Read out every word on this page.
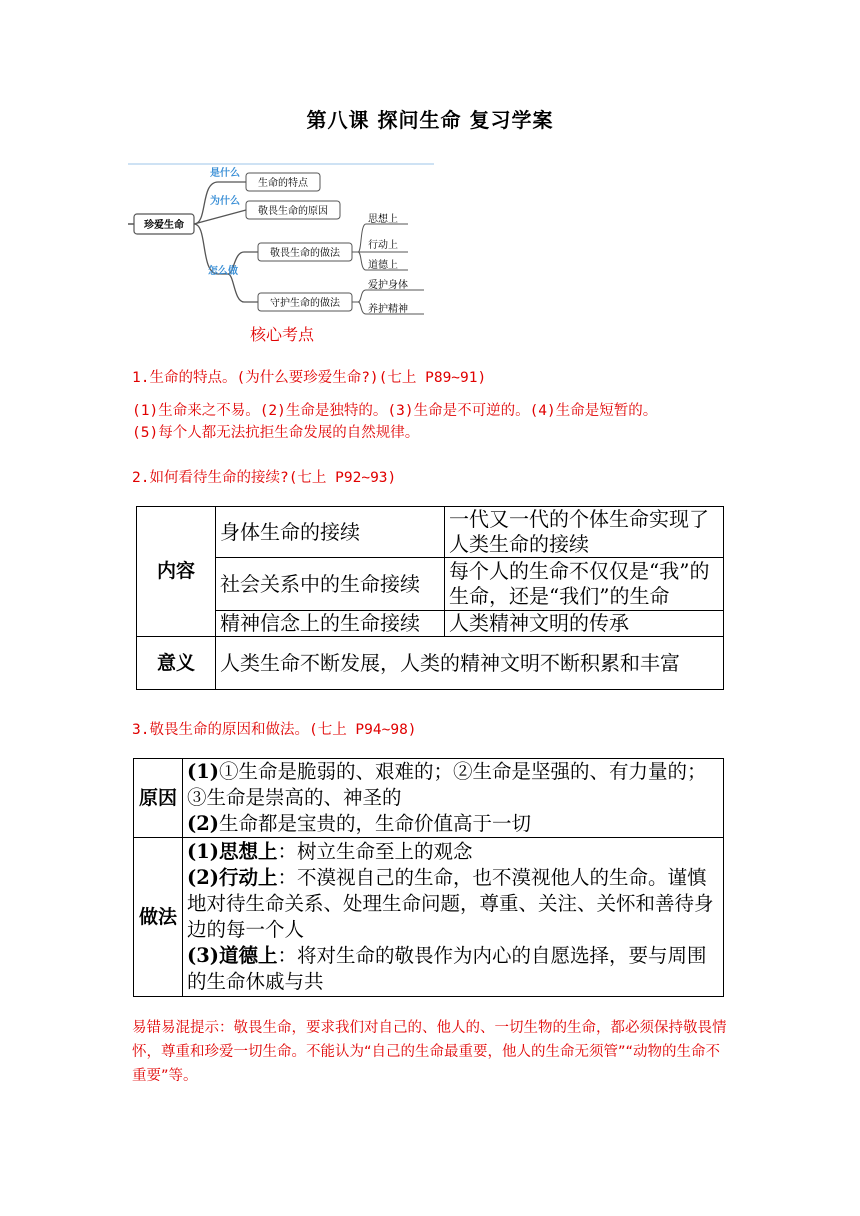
第八课 探问生命 复习学案
珍爱生命
是什么
为什么
怎么做
生命的特点
敬畏生命的原因
敬畏生命的做法
守护生命的做法
思想上
行动上
道德上
爱护身体
养护精神
核心考点
1.生命的特点。(为什么要珍爱生命?)(七上 P89~91)
(1)生命来之不易。(2)生命是独特的。(3)生命是不可逆的。(4)生命是短暂的。
(5)每个人都无法抗拒生命发展的自然规律。
2.如何看待生命的接续?(七上 P92~93)
内容	身体生命的接续	一代又一代的个体生命实现了人类生命的接续
	社会关系中的生命接续	每个人的生命不仅仅是“我”的生命，还是“我们”的生命
	精神信念上的生命接续	人类精神文明的传承
意义	人类生命不断发展，人类的精神文明不断积累和丰富	
3.敬畏生命的原因和做法。(七上 P94~98)
原因	(1)①生命是脆弱的、艰难的；②生命是坚强的、有力量的；③生命是崇高的、神圣的
(2)生命都是宝贵的，生命价值高于一切
做法	(1)思想上：树立生命至上的观念
(2)行动上：不漠视自己的生命，也不漠视他人的生命。谨慎地对待生命关系、处理生命问题，尊重、关注、关怀和善待身边的每一个人
(3)道德上：将对生命的敬畏作为内心的自愿选择，要与周围的生命休戚与共
易错易混提示：敬畏生命，要求我们对自己的、他人的、一切生物的生命，都必须保持敬畏情怀，尊重和珍爱一切生命。不能认为“自己的生命最重要，他人的生命无须管”“动物的生命不重要”等。
